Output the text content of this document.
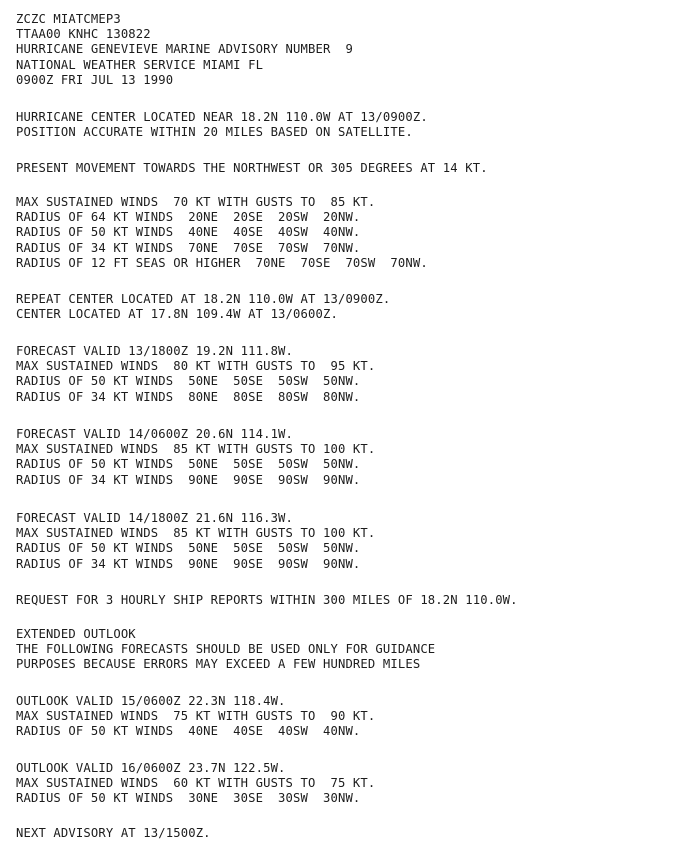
ZCZC MIATCMEP3
TTAA00 KNHC 130822
HURRICANE GENEVIEVE MARINE ADVISORY NUMBER  9
NATIONAL WEATHER SERVICE MIAMI FL
0900Z FRI JUL 13 1990
HURRICANE CENTER LOCATED NEAR 18.2N 110.0W AT 13/0900Z.
POSITION ACCURATE WITHIN 20 MILES BASED ON SATELLITE.
PRESENT MOVEMENT TOWARDS THE NORTHWEST OR 305 DEGREES AT 14 KT.
MAX SUSTAINED WINDS  70 KT WITH GUSTS TO  85 KT.
RADIUS OF 64 KT WINDS  20NE  20SE  20SW  20NW.
RADIUS OF 50 KT WINDS  40NE  40SE  40SW  40NW.
RADIUS OF 34 KT WINDS  70NE  70SE  70SW  70NW.
RADIUS OF 12 FT SEAS OR HIGHER  70NE  70SE  70SW  70NW.
REPEAT CENTER LOCATED AT 18.2N 110.0W AT 13/0900Z.
CENTER LOCATED AT 17.8N 109.4W AT 13/0600Z.
FORECAST VALID 13/1800Z 19.2N 111.8W.
MAX SUSTAINED WINDS  80 KT WITH GUSTS TO  95 KT.
RADIUS OF 50 KT WINDS  50NE  50SE  50SW  50NW.
RADIUS OF 34 KT WINDS  80NE  80SE  80SW  80NW.
FORECAST VALID 14/0600Z 20.6N 114.1W.
MAX SUSTAINED WINDS  85 KT WITH GUSTS TO 100 KT.
RADIUS OF 50 KT WINDS  50NE  50SE  50SW  50NW.
RADIUS OF 34 KT WINDS  90NE  90SE  90SW  90NW.
FORECAST VALID 14/1800Z 21.6N 116.3W.
MAX SUSTAINED WINDS  85 KT WITH GUSTS TO 100 KT.
RADIUS OF 50 KT WINDS  50NE  50SE  50SW  50NW.
RADIUS OF 34 KT WINDS  90NE  90SE  90SW  90NW.
REQUEST FOR 3 HOURLY SHIP REPORTS WITHIN 300 MILES OF 18.2N 110.0W.
EXTENDED OUTLOOK
THE FOLLOWING FORECASTS SHOULD BE USED ONLY FOR GUIDANCE
PURPOSES BECAUSE ERRORS MAY EXCEED A FEW HUNDRED MILES
OUTLOOK VALID 15/0600Z 22.3N 118.4W.
MAX SUSTAINED WINDS  75 KT WITH GUSTS TO  90 KT.
RADIUS OF 50 KT WINDS  40NE  40SE  40SW  40NW.
OUTLOOK VALID 16/0600Z 23.7N 122.5W.
MAX SUSTAINED WINDS  60 KT WITH GUSTS TO  75 KT.
RADIUS OF 50 KT WINDS  30NE  30SE  30SW  30NW.
NEXT ADVISORY AT 13/1500Z.
